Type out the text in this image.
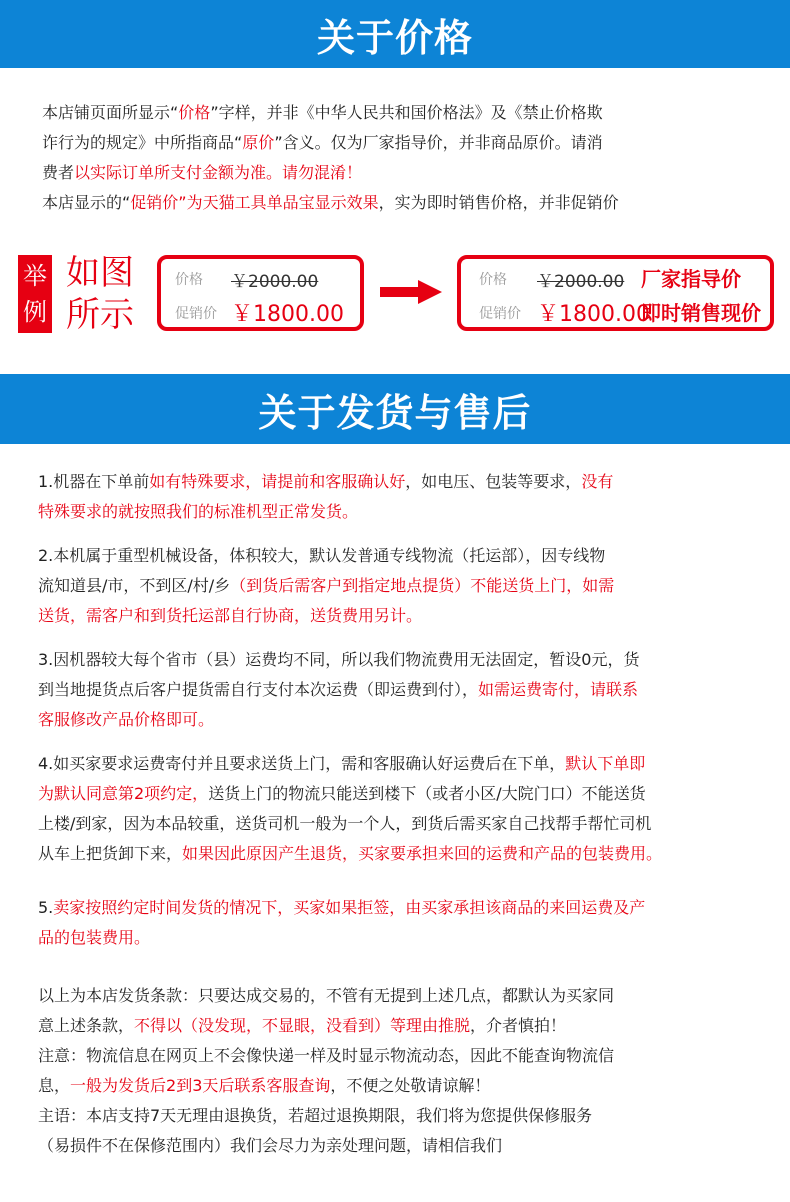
关于价格
本店铺页面所显示“价格”字样，并非《中华人民共和国价格法》及《禁止价格欺
诈行为的规定》中所指商品“原价”含义。仅为厂家指导价，并非商品原价。请消
费者以实际订单所支付金额为准。请勿混淆！
本店显示的“促销价”为天猫工具单品宝显示效果，实为即时销售价格，并非促销价
举
例
如图
所示
价格 ￥2000.00
促销价 ￥1800.00
价格 ￥2000.00 厂家指导价
促销价 ￥1800.00
即时销售现价
关于发货与售后
1.机器在下单前如有特殊要求，请提前和客服确认好，如电压、包装等要求，没有
特殊要求的就按照我们的标准机型正常发货。
2.本机属于重型机械设备，体积较大，默认发普通专线物流（托运部），因专线物
流知道县/市，不到区/村/乡（到货后需客户到指定地点提货）不能送货上门，如需
送货，需客户和到货托运部自行协商，送货费用另计。
3.因机器较大每个省市（县）运费均不同，所以我们物流费用无法固定，暂设0元，货
到当地提货点后客户提货需自行支付本次运费（即运费到付），如需运费寄付，请联系
客服修改产品价格即可。
4.如买家要求运费寄付并且要求送货上门，需和客服确认好运费后在下单，默认下单即
为默认同意第2项约定，送货上门的物流只能送到楼下（或者小区/大院门口）不能送货
上楼/到家，因为本品较重，送货司机一般为一个人，到货后需买家自己找帮手帮忙司机
从车上把货卸下来，如果因此原因产生退货，买家要承担来回的运费和产品的包装费用。
5.卖家按照约定时间发货的情况下，买家如果拒签，由买家承担该商品的来回运费及产
品的包装费用。
以上为本店发货条款：只要达成交易的，不管有无提到上述几点，都默认为买家同
意上述条款，不得以（没发现，不显眼，没看到）等理由推脱，介者慎拍！
注意：物流信息在网页上不会像快递一样及时显示物流动态，因此不能查询物流信
息，一般为发货后2到3天后联系客服查询，不便之处敬请谅解！
主语：本店支持7天无理由退换货，若超过退换期限，我们将为您提供保修服务
（易损件不在保修范围内）我们会尽力为亲处理问题，请相信我们
